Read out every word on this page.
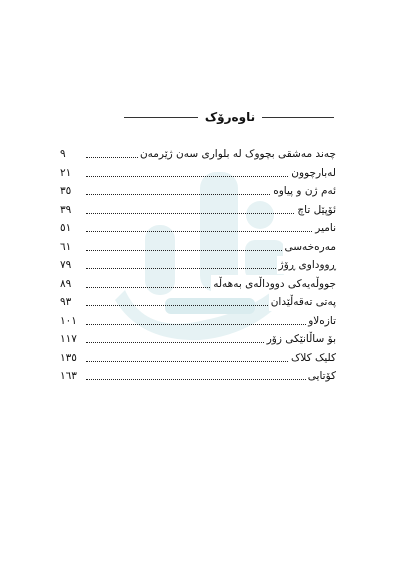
ناوەرۆک
چەند مەشقی بچووک لە بلواری سەن ژێرمەن
٩
لەبارچوون
٢١
ئەم ژن و پیاوە
٣٥
ئۆپێل تاچ
٣٩
نامیر
٥١
مەرەخەسی
٦١
ڕووداوی ڕۆژ
٧٩
جووڵەیەکی دووداڵەی بەهەڵە
٨٩
پەتی تەقەڵێدان
٩٣
تازەلاو
١٠١
بۆ ساڵانێکی زۆر
١١٧
کلیک کلاک
١٣٥
کۆتایی
١٦٣
